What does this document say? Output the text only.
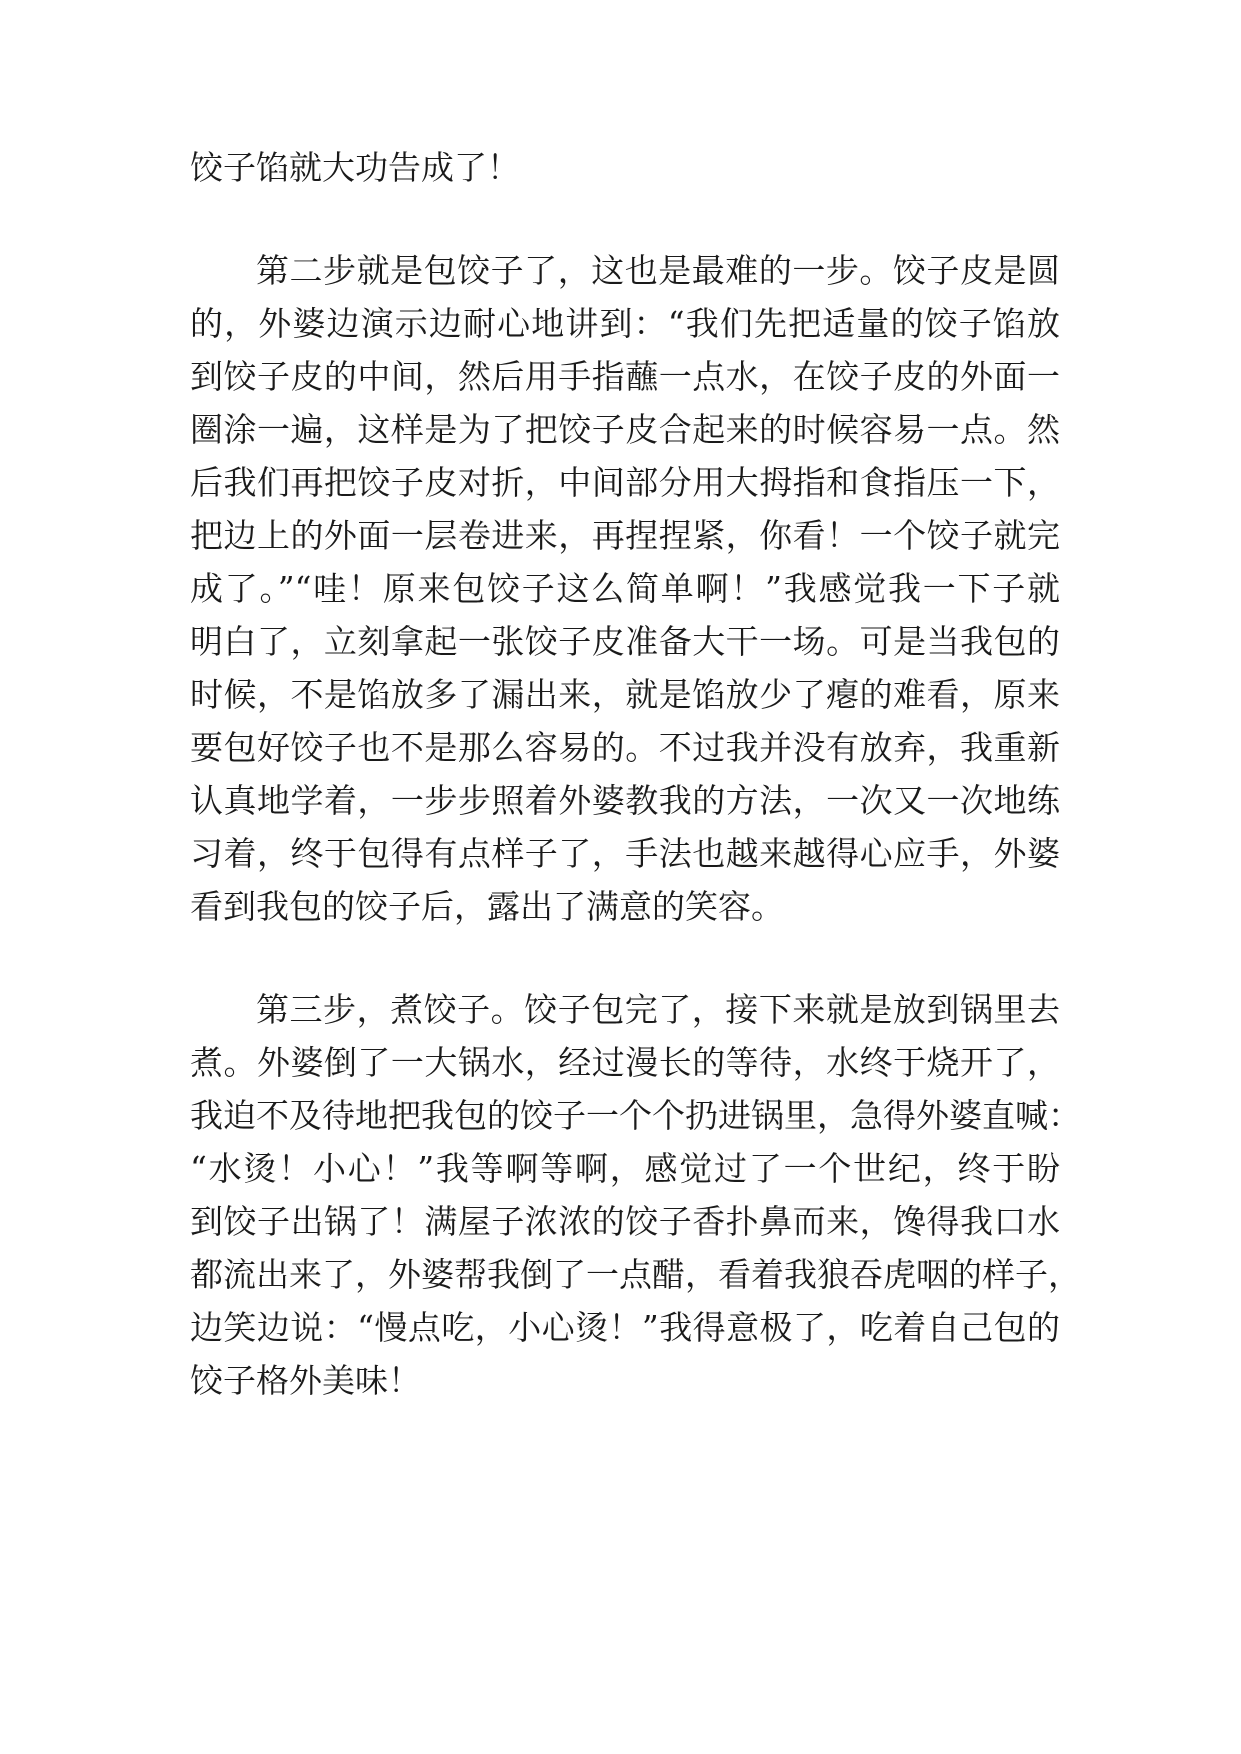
饺子馅就大功告成了！
第二步就是包饺子了，这也是最难的一步。饺子皮是圆
的，外婆边演示边耐心地讲到：“我们先把适量的饺子馅放
到饺子皮的中间，然后用手指蘸一点水，在饺子皮的外面一
圈涂一遍，这样是为了把饺子皮合起来的时候容易一点。然
后我们再把饺子皮对折，中间部分用大拇指和食指压一下，
把边上的外面一层卷进来，再捏捏紧，你看！一个饺子就完
成了。”“哇！原来包饺子这么简单啊！”我感觉我一下子就
明白了，立刻拿起一张饺子皮准备大干一场。可是当我包的
时候，不是馅放多了漏出来，就是馅放少了瘪的难看，原来
要包好饺子也不是那么容易的。不过我并没有放弃，我重新
认真地学着，一步步照着外婆教我的方法，一次又一次地练
习着，终于包得有点样子了，手法也越来越得心应手，外婆
看到我包的饺子后，露出了满意的笑容。
第三步，煮饺子。饺子包完了，接下来就是放到锅里去
煮。外婆倒了一大锅水，经过漫长的等待，水终于烧开了，
我迫不及待地把我包的饺子一个个扔进锅里，急得外婆直喊：
“水烫！小心！”我等啊等啊，感觉过了一个世纪，终于盼
到饺子出锅了！满屋子浓浓的饺子香扑鼻而来，馋得我口水
都流出来了，外婆帮我倒了一点醋，看着我狼吞虎咽的样子，
边笑边说：“慢点吃，小心烫！”我得意极了，吃着自己包的
饺子格外美味！
